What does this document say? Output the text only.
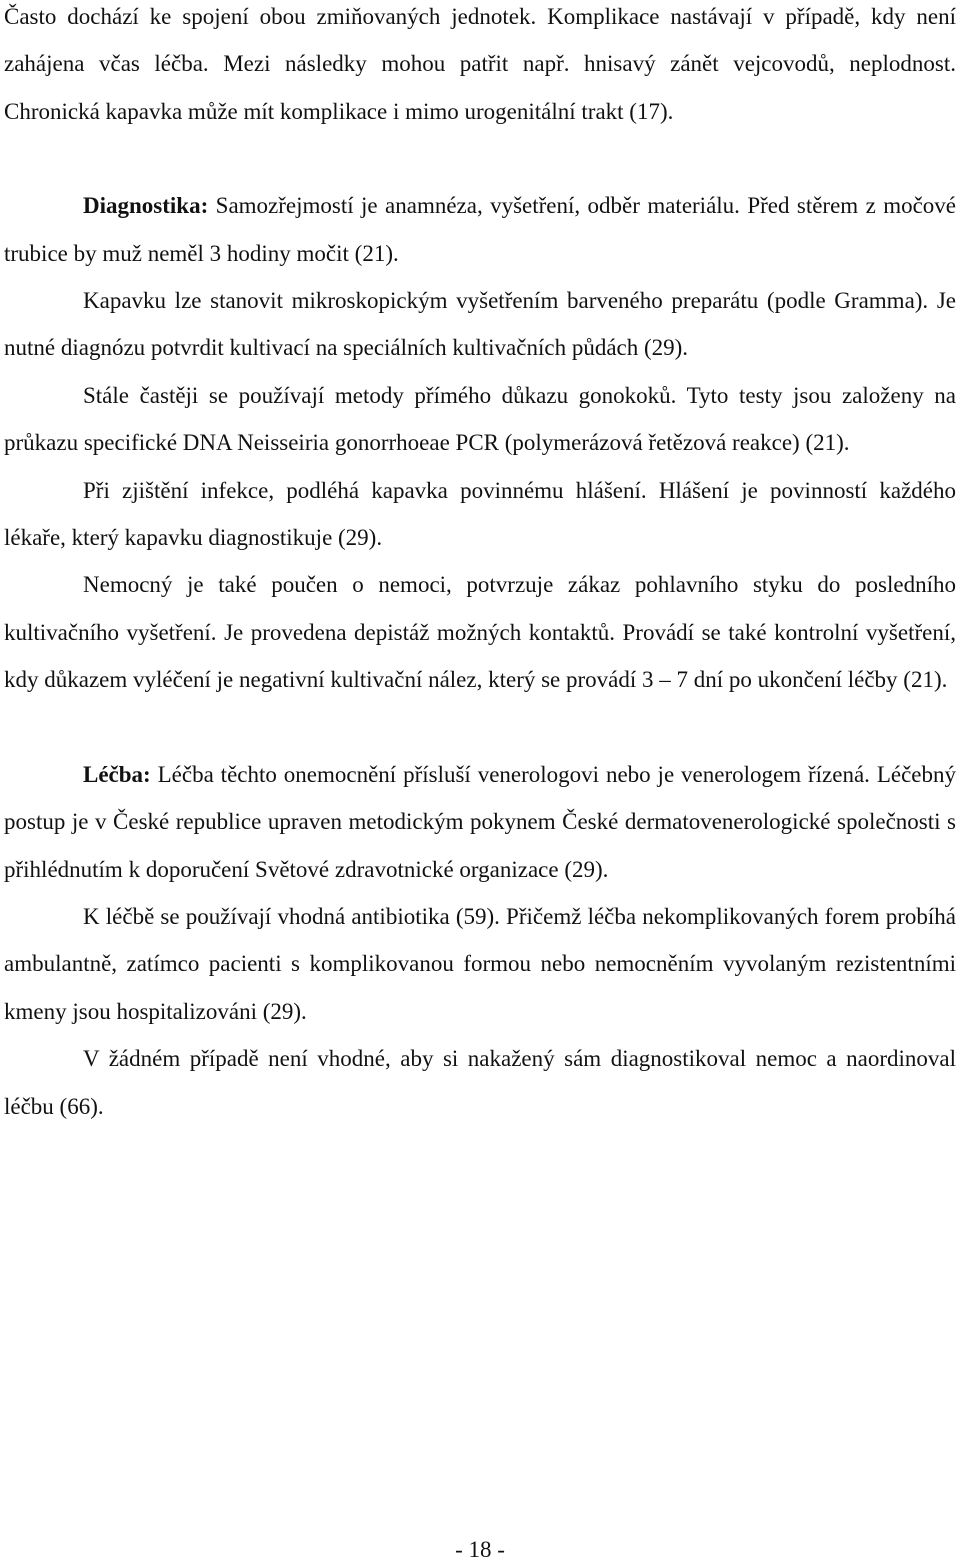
Často dochází ke spojení obou zmiňovaných jednotek. Komplikace nastávají v případě, kdy není zahájena včas léčba. Mezi následky mohou patřit např. hnisavý zánět vejcovodů, neplodnost. Chronická kapavka může mít komplikace i mimo urogenitální trakt (17).

Diagnostika: Samozřejmostí je anamnéza, vyšetření, odběr materiálu. Před stěrem z močové trubice by muž neměl 3 hodiny močit (21).

Kapavku lze stanovit mikroskopickým vyšetřením barveného preparátu (podle Gramma). Je nutné diagnózu potvrdit kultivací na speciálních kultivačních půdách (29).

Stále častěji se používají metody přímého důkazu gonokoků. Tyto testy jsou založeny na průkazu specifické DNA Neisseiria gonorrhoeae PCR (polymerázová řetězová reakce) (21).

Při zjištění infekce, podléhá kapavka povinnému hlášení. Hlášení je povinností každého lékaře, který kapavku diagnostikuje (29).

Nemocný je také poučen o nemoci, potvrzuje zákaz pohlavního styku do posledního kultivačního vyšetření. Je provedena depistáž možných kontaktů. Provádí se také kontrolní vyšetření, kdy důkazem vyléčení je negativní kultivační nález, který se provádí 3 – 7 dní po ukončení léčby (21).

Léčba: Léčba těchto onemocnění přísluší venerologovi nebo je venerologem řízená. Léčebný postup je v České republice upraven metodickým pokynem České dermatovenerologické společnosti s přihlédnutím k doporučení Světové zdravotnické organizace (29).

K léčbě se používají vhodná antibiotika (59). Přičemž léčba nekomplikovaných forem probíhá ambulantně, zatímco pacienti s komplikovanou formou nebo nemocněním vyvolaným rezistentními kmeny jsou hospitalizováni (29).

V žádném případě není vhodné, aby si nakažený sám diagnostikoval nemoc a naordinoval léčbu (66).

- 18 -
